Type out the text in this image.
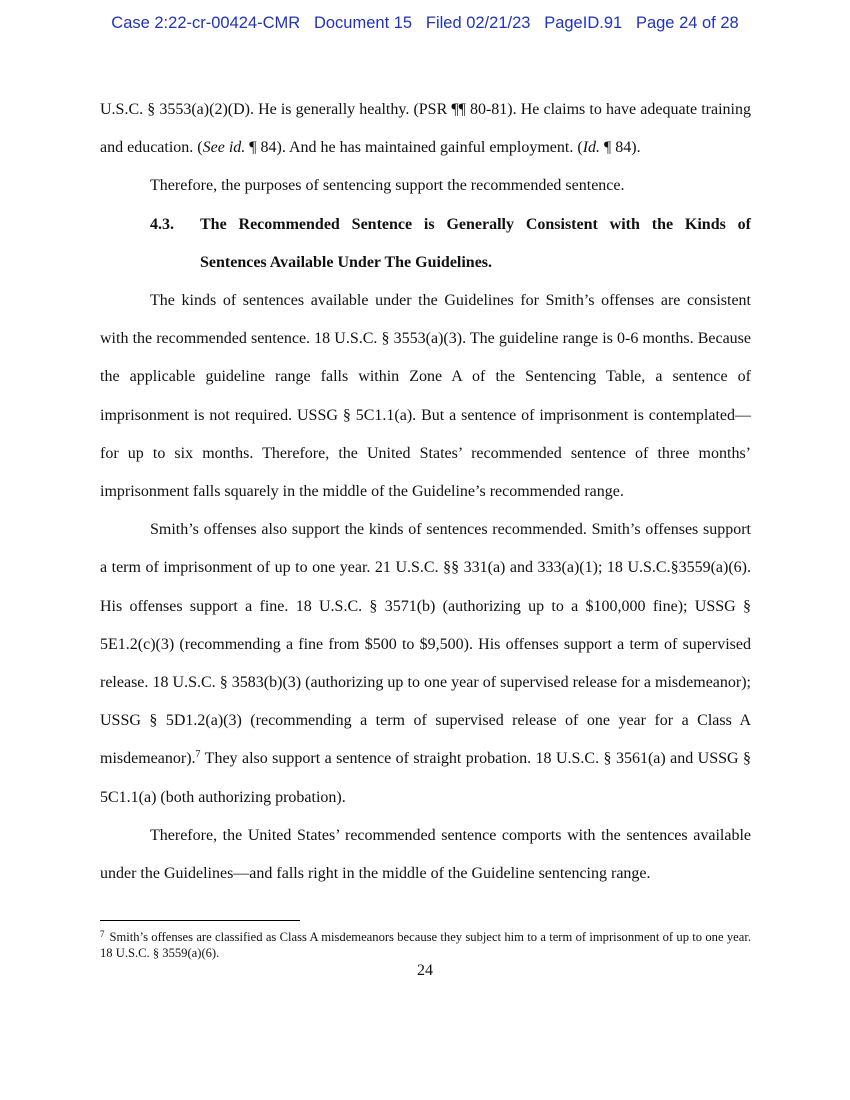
Case 2:22-cr-00424-CMR Document 15 Filed 02/21/23 PageID.91 Page 24 of 28

U.S.C. § 3553(a)(2)(D). He is generally healthy. (PSR ¶¶ 80-81). He claims to have adequate training and education. (See id. ¶ 84). And he has maintained gainful employment. (Id. ¶ 84).

Therefore, the purposes of sentencing support the recommended sentence.

4.3.	The Recommended Sentence is Generally Consistent with the Kinds of Sentences Available Under The Guidelines.

The kinds of sentences available under the Guidelines for Smith’s offenses are consistent with the recommended sentence. 18 U.S.C. § 3553(a)(3). The guideline range is 0-6 months. Because the applicable guideline range falls within Zone A of the Sentencing Table, a sentence of imprisonment is not required. USSG § 5C1.1(a). But a sentence of imprisonment is contemplated—for up to six months. Therefore, the United States’ recommended sentence of three months’ imprisonment falls squarely in the middle of the Guideline’s recommended range.

Smith’s offenses also support the kinds of sentences recommended. Smith’s offenses support a term of imprisonment of up to one year. 21 U.S.C. §§ 331(a) and 333(a)(1); 18 U.S.C.§3559(a)(6). His offenses support a fine. 18 U.S.C. § 3571(b) (authorizing up to a $100,000 fine); USSG § 5E1.2(c)(3) (recommending a fine from $500 to $9,500). His offenses support a term of supervised release. 18 U.S.C. § 3583(b)(3) (authorizing up to one year of supervised release for a misdemeanor); USSG § 5D1.2(a)(3) (recommending a term of supervised release of one year for a Class A misdemeanor).$^7$ They also support a sentence of straight probation. 18 U.S.C. § 3561(a) and USSG § 5C1.1(a) (both authorizing probation).

Therefore, the United States’ recommended sentence comports with the sentences available under the Guidelines—and falls right in the middle of the Guideline sentencing range.

$^7$ Smith’s offenses are classified as Class A misdemeanors because they subject him to a term of imprisonment of up to one year. 18 U.S.C. § 3559(a)(6).
24
